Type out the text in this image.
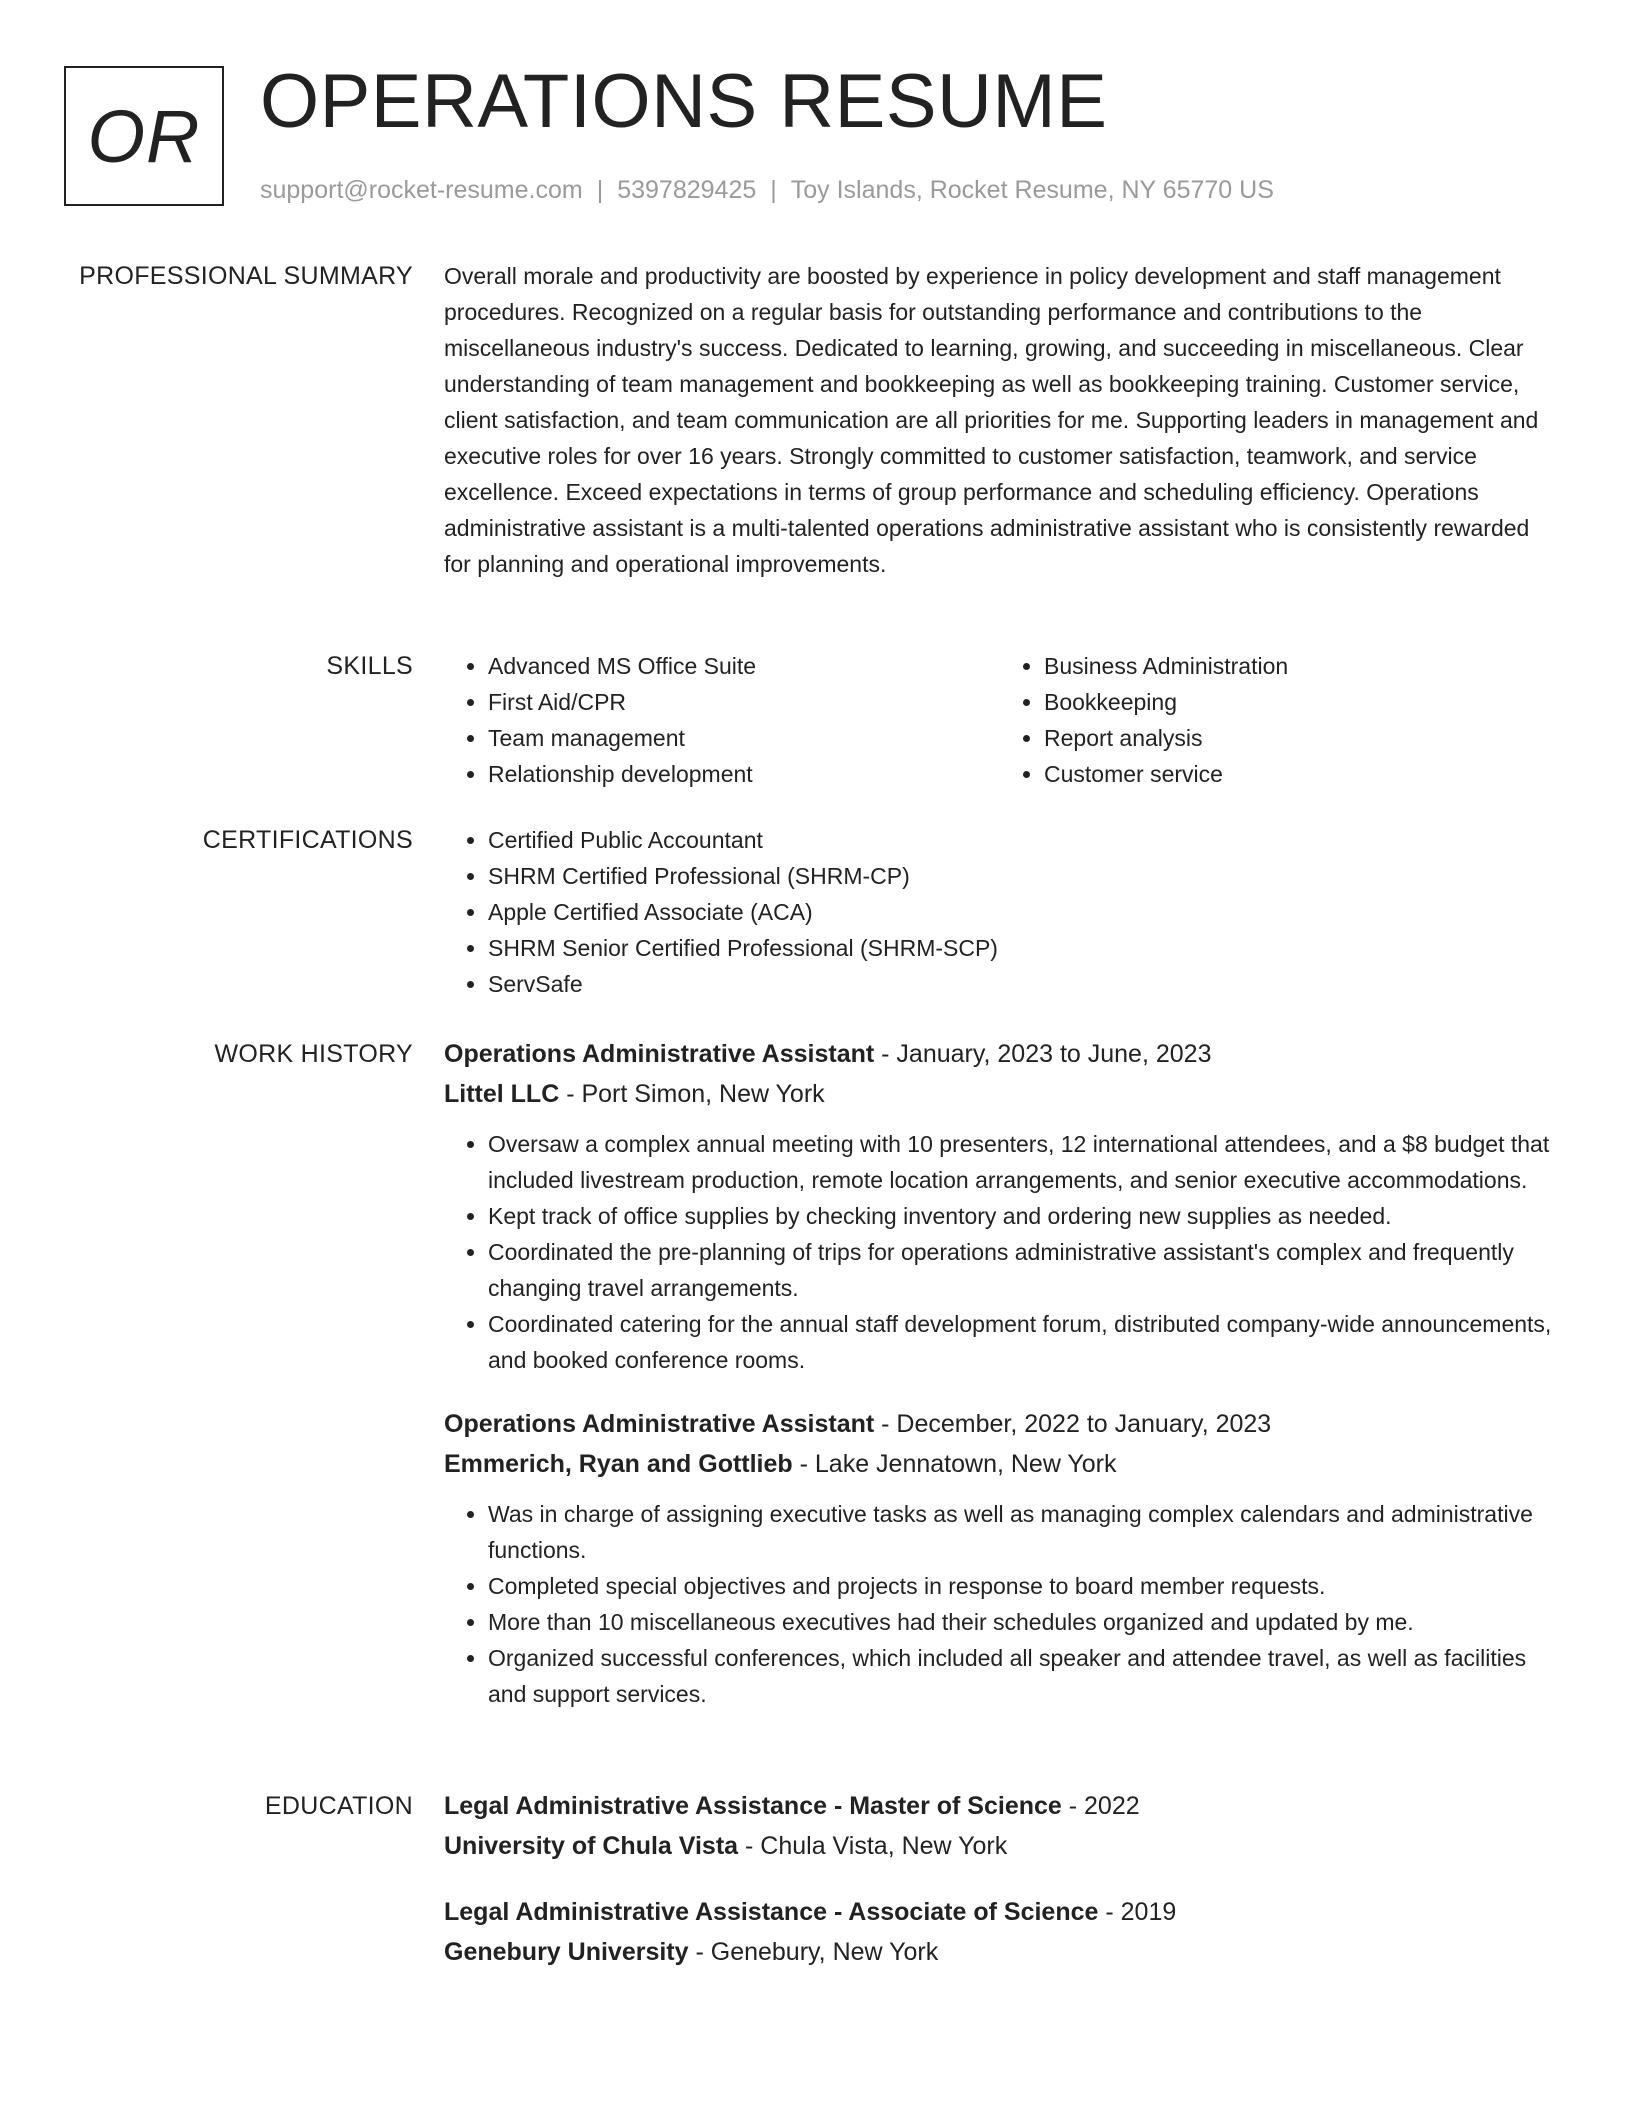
OR OPERATIONS RESUME
support@rocket-resume.com | 5397829425 | Toy Islands, Rocket Resume, NY 65770 US
PROFESSIONAL SUMMARY Overall morale and productivity are boosted by experience in policy development and staff management procedures. Recognized on a regular basis for outstanding performance and contributions to the miscellaneous industry's success. Dedicated to learning, growing, and succeeding in miscellaneous. Clear understanding of team management and bookkeeping as well as bookkeeping training. Customer service, client satisfaction, and team communication are all priorities for me. Supporting leaders in management and executive roles for over 16 years. Strongly committed to customer satisfaction, teamwork, and service excellence. Exceed expectations in terms of group performance and scheduling efficiency. Operations administrative assistant is a multi-talented operations administrative assistant who is consistently rewarded for planning and operational improvements.

SKILLS	• Advanced MS Office Suite
• First Aid/CPR
• Team management
• Relationship development
• Business Administration
• Bookkeeping
• Report analysis
• Customer service
CERTIFICATIONS	• Certified Public Accountant
• SHRM Certified Professional (SHRM-CP)
• Apple Certified Associate (ACA)
• SHRM Senior Certified Professional (SHRM-SCP)
• ServSafe
WORK HISTORY Operations Administrative Assistant - January, 2023 to June, 2023
Littel LLC - Port Simon, New York
• Oversaw a complex annual meeting with 10 presenters, 12 international attendees, and a $8 budget that included livestream production, remote location arrangements, and senior executive accommodations.
• Kept track of office supplies by checking inventory and ordering new supplies as needed.
• Coordinated the pre-planning of trips for operations administrative assistant's complex and frequently changing travel arrangements.
• Coordinated catering for the annual staff development forum, distributed company-wide announcements, and booked conference rooms.
Operations Administrative Assistant - December, 2022 to January, 2023
Emmerich, Ryan and Gottlieb - Lake Jennatown, New York
• Was in charge of assigning executive tasks as well as managing complex calendars and administrative functions.
• Completed special objectives and projects in response to board member requests.
• More than 10 miscellaneous executives had their schedules organized and updated by me.
• Organized successful conferences, which included all speaker and attendee travel, as well as facilities and support services.
EDUCATION Legal Administrative Assistance - Master of Science - 2022
University of Chula Vista - Chula Vista, New York
Legal Administrative Assistance - Associate of Science - 2019
Genebury University - Genebury, New York
